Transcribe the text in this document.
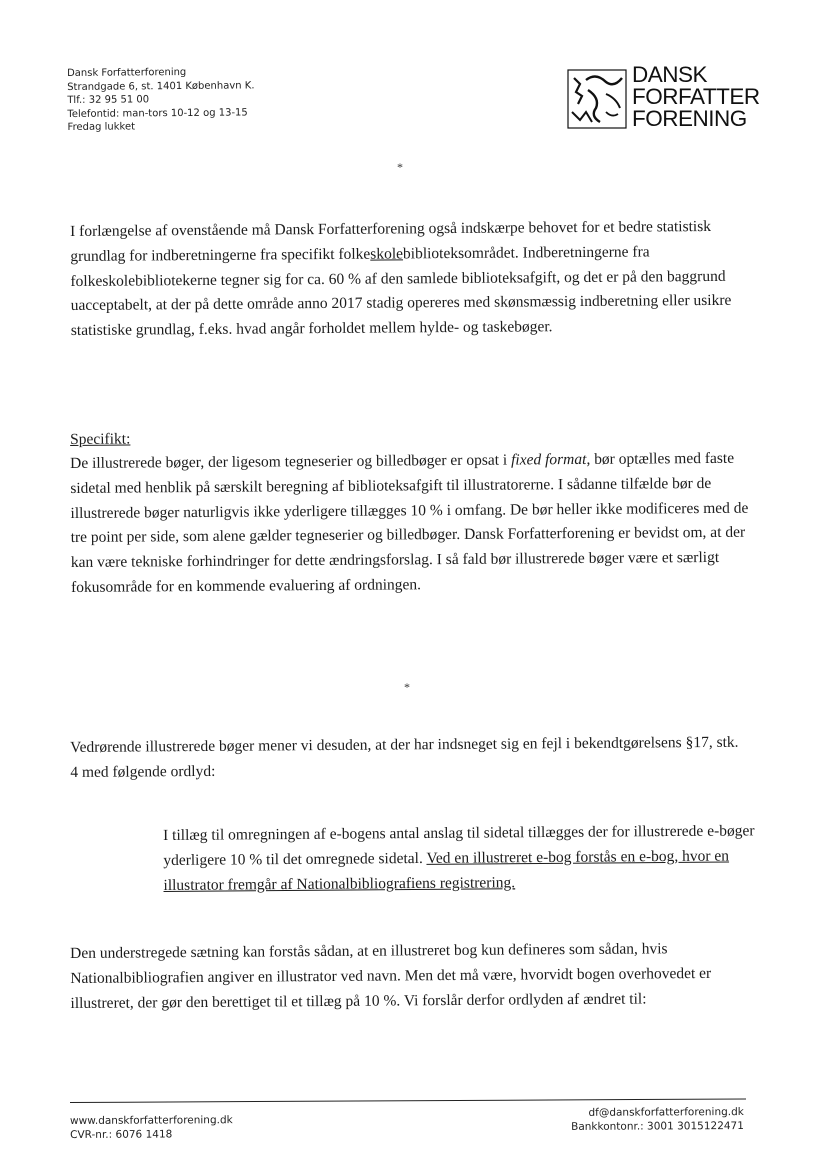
Dansk Forfatterforening
Strandgade 6, st. 1401 København K.
Tlf.: 32 95 51 00
Telefontid: man-tors 10-12 og 13-15
Fredag lukket
DANSK
FORFATTER
FORENING
*

I forlængelse af ovenstående må Dansk Forfatterforening også indskærpe behovet for et bedre statistisk grundlag for indberetningerne fra specifikt folkeskolebiblioteksområdet. Indberetningerne fra folkeskolebibliotekerne tegner sig for ca. 60 % af den samlede biblioteksafgift, og det er på den baggrund uacceptabelt, at der på dette område anno 2017 stadig opereres med skønsmæssig indberetning eller usikre statistiske grundlag, f.eks. hvad angår forholdet mellem hylde- og taskebøger.

Specifikt:

De illustrerede bøger, der ligesom tegneserier og billedbøger er opsat i fixed format, bør optælles med faste sidetal med henblik på særskilt beregning af biblioteksafgift til illustratorerne. I sådanne tilfælde bør de illustrerede bøger naturligvis ikke yderligere tillægges 10 % i omfang. De bør heller ikke modificeres med de tre point per side, som alene gælder tegneserier og billedbøger. Dansk Forfatterforening er bevidst om, at der kan være tekniske forhindringer for dette ændringsforslag. I så fald bør illustrerede bøger være et særligt fokusområde for en kommende evaluering af ordningen.

*

Vedrørende illustrerede bøger mener vi desuden, at der har indsneget sig en fejl i bekendtgørelsens §17, stk. 4 med følgende ordlyd:

I tillæg til omregningen af e-bogens antal anslag til sidetal tillægges der for illustrerede e-bøger yderligere 10 % til det omregnede sidetal. Ved en illustreret e-bog forstås en e-bog, hvor en illustrator fremgår af Nationalbibliografiens registrering.

Den understregede sætning kan forstås sådan, at en illustreret bog kun defineres som sådan, hvis Nationalbibliografien angiver en illustrator ved navn. Men det må være, hvorvidt bogen overhovedet er illustreret, der gør den berettiget til et tillæg på 10 %. Vi forslår derfor ordlyden af ændret til:

www.danskforfatterforening.dk
CVR-nr.: 6076 1418
df@danskforfatterforening.dk
Bankkontonr.: 3001 3015122471
